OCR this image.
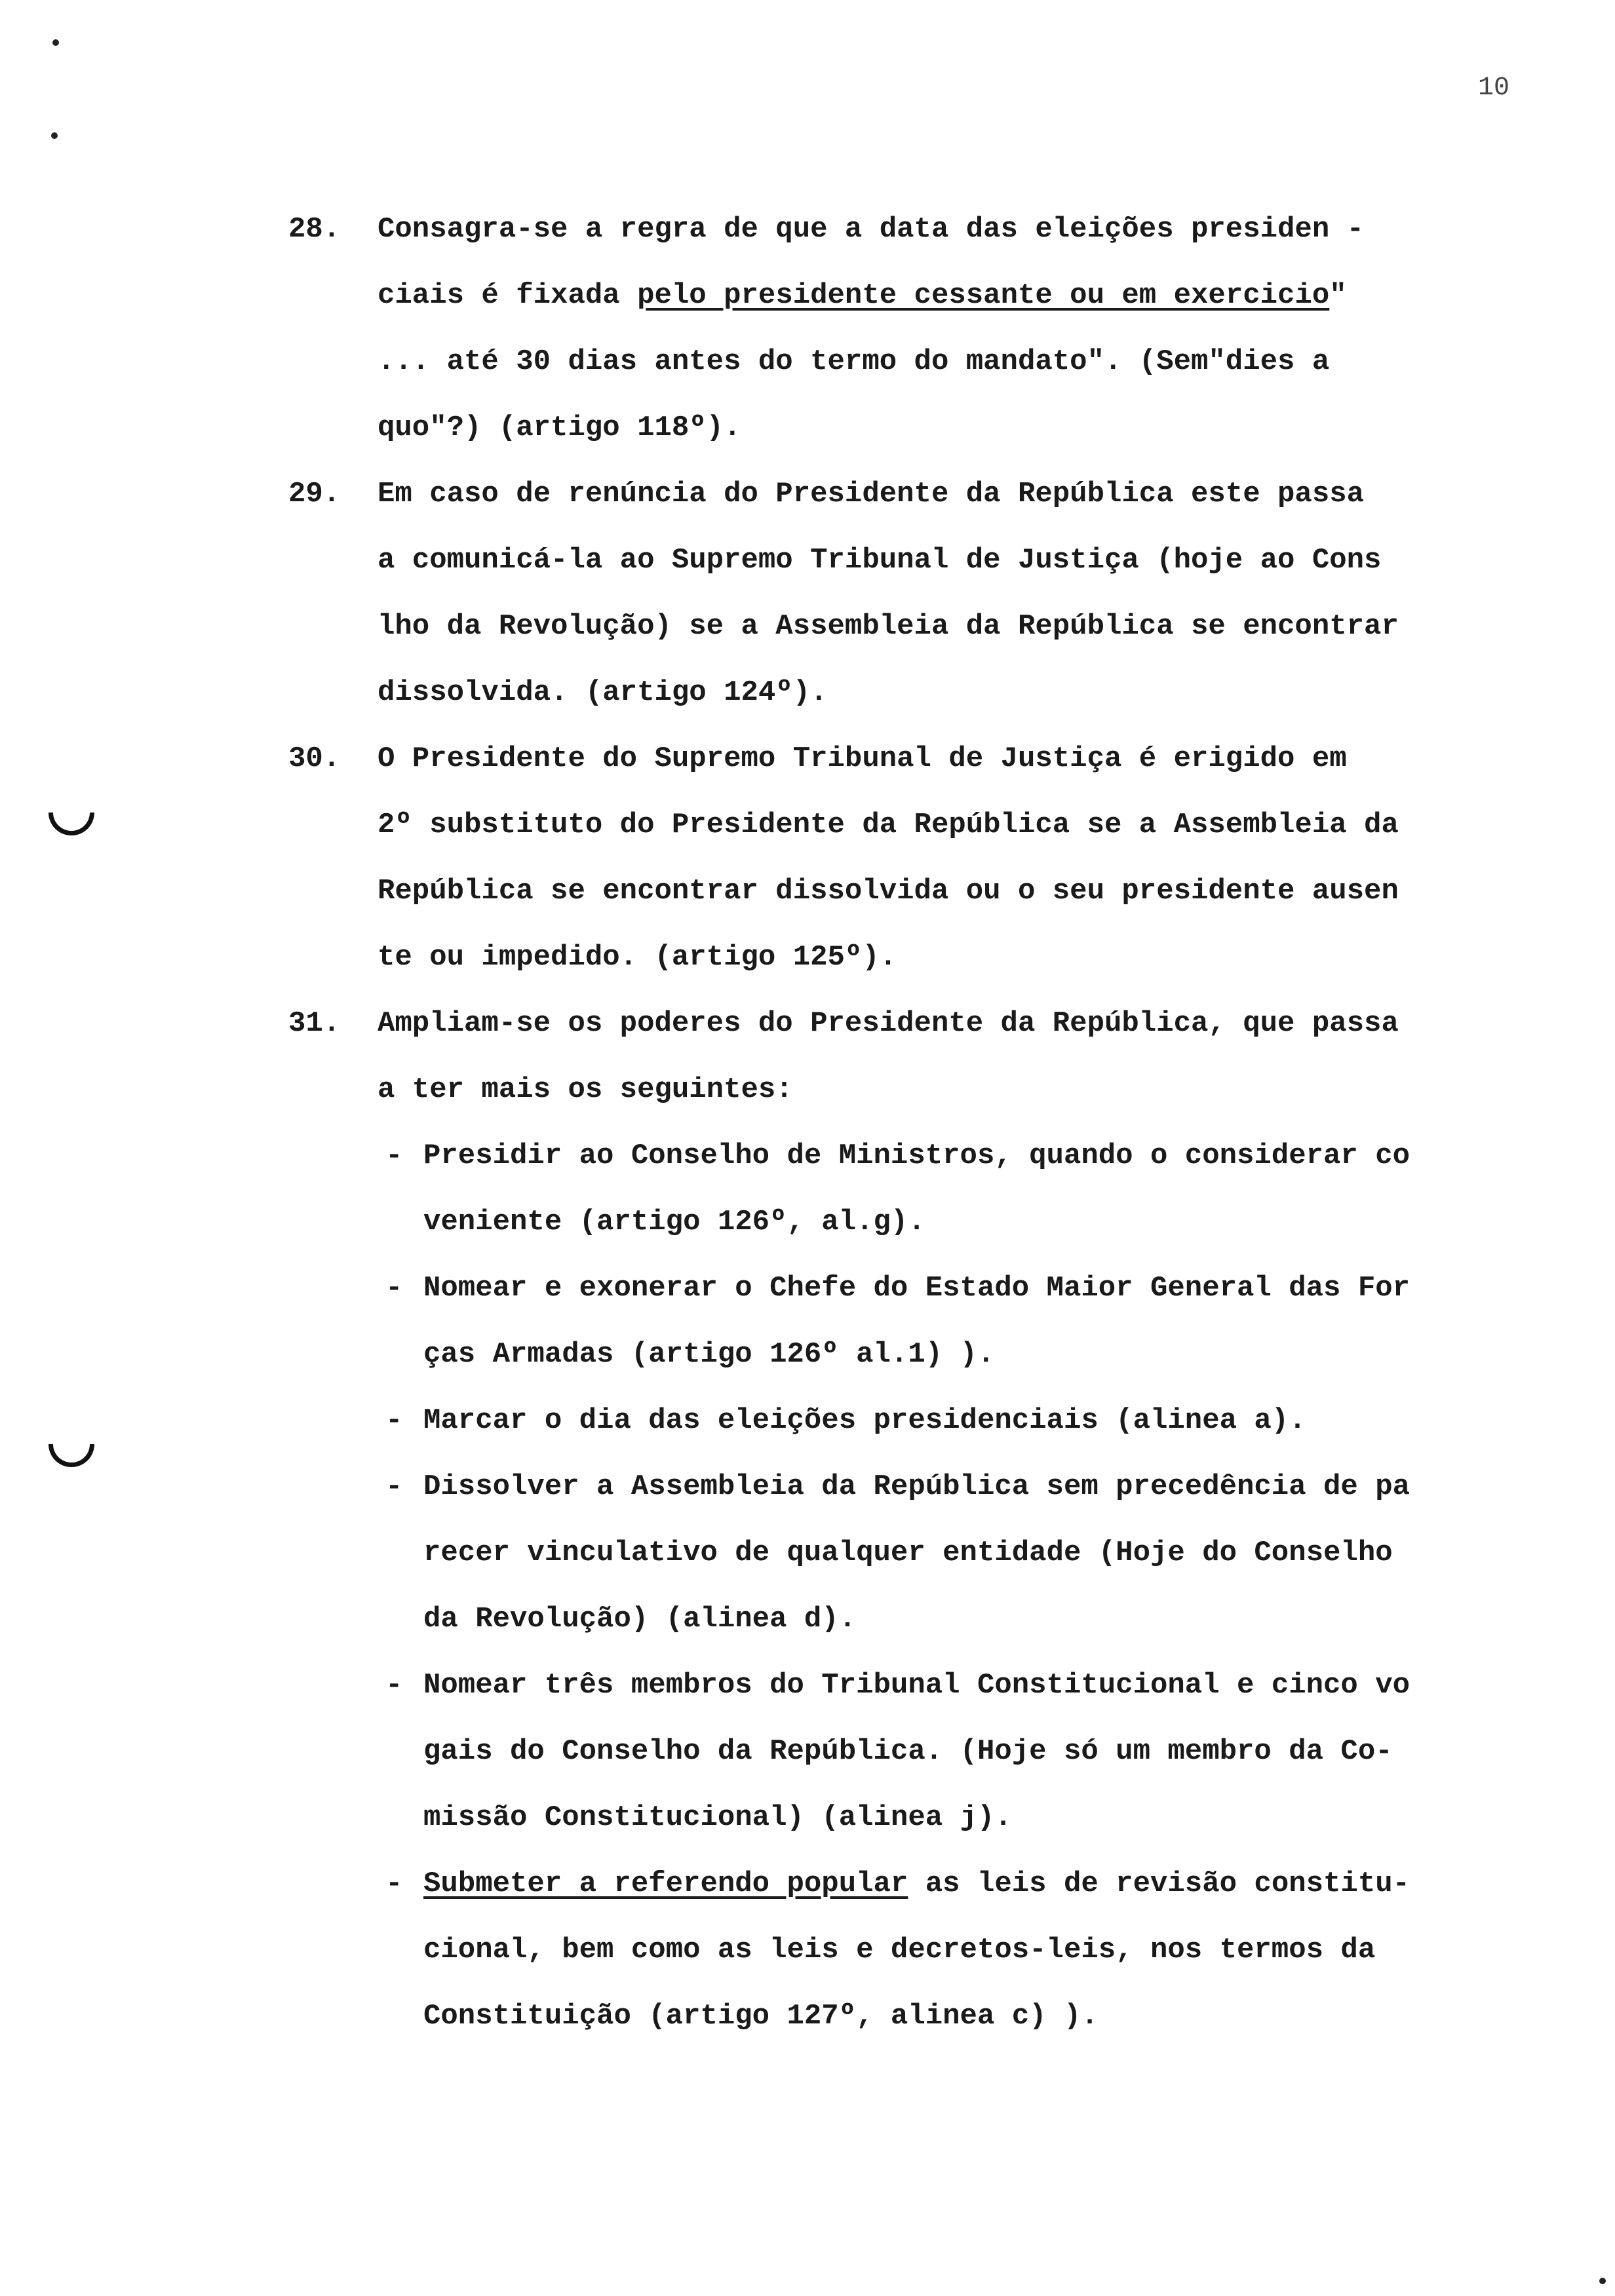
10
28. Consagra-se a regra de que a data das eleições presiden -
ciais é fixada pelo presidente cessante ou em exercicio"
... até 30 dias antes do termo do mandato". (Sem"dies a
quo"?) (artigo 118º).
29. Em caso de renúncia do Presidente da República este passa
a comunicá-la ao Supremo Tribunal de Justiça (hoje ao Cons
lho da Revolução) se a Assembleia da República se encontrar
dissolvida. (artigo 124º).
30. O Presidente do Supremo Tribunal de Justiça é erigido em
2º substituto do Presidente da República se a Assembleia da
República se encontrar dissolvida ou o seu presidente ausen
te ou impedido. (artigo 125º).
31. Ampliam-se os poderes do Presidente da República, que passa
a ter mais os seguintes:
- Presidir ao Conselho de Ministros, quando o considerar co
veniente (artigo 126º, al.g).
- Nomear e exonerar o Chefe do Estado Maior General das For
ças Armadas (artigo 126º al.1) ).
- Marcar o dia das eleições presidenciais (alinea a).
- Dissolver a Assembleia da República sem precedência de pa
recer vinculativo de qualquer entidade (Hoje do Conselho
da Revolução) (alinea d).
- Nomear três membros do Tribunal Constitucional e cinco vo
gais do Conselho da República. (Hoje só um membro da Co-
missão Constitucional) (alinea j).
- Submeter a referendo popular as leis de revisão constitu-
cional, bem como as leis e decretos-leis, nos termos da
Constituição (artigo 127º, alinea c) ).
